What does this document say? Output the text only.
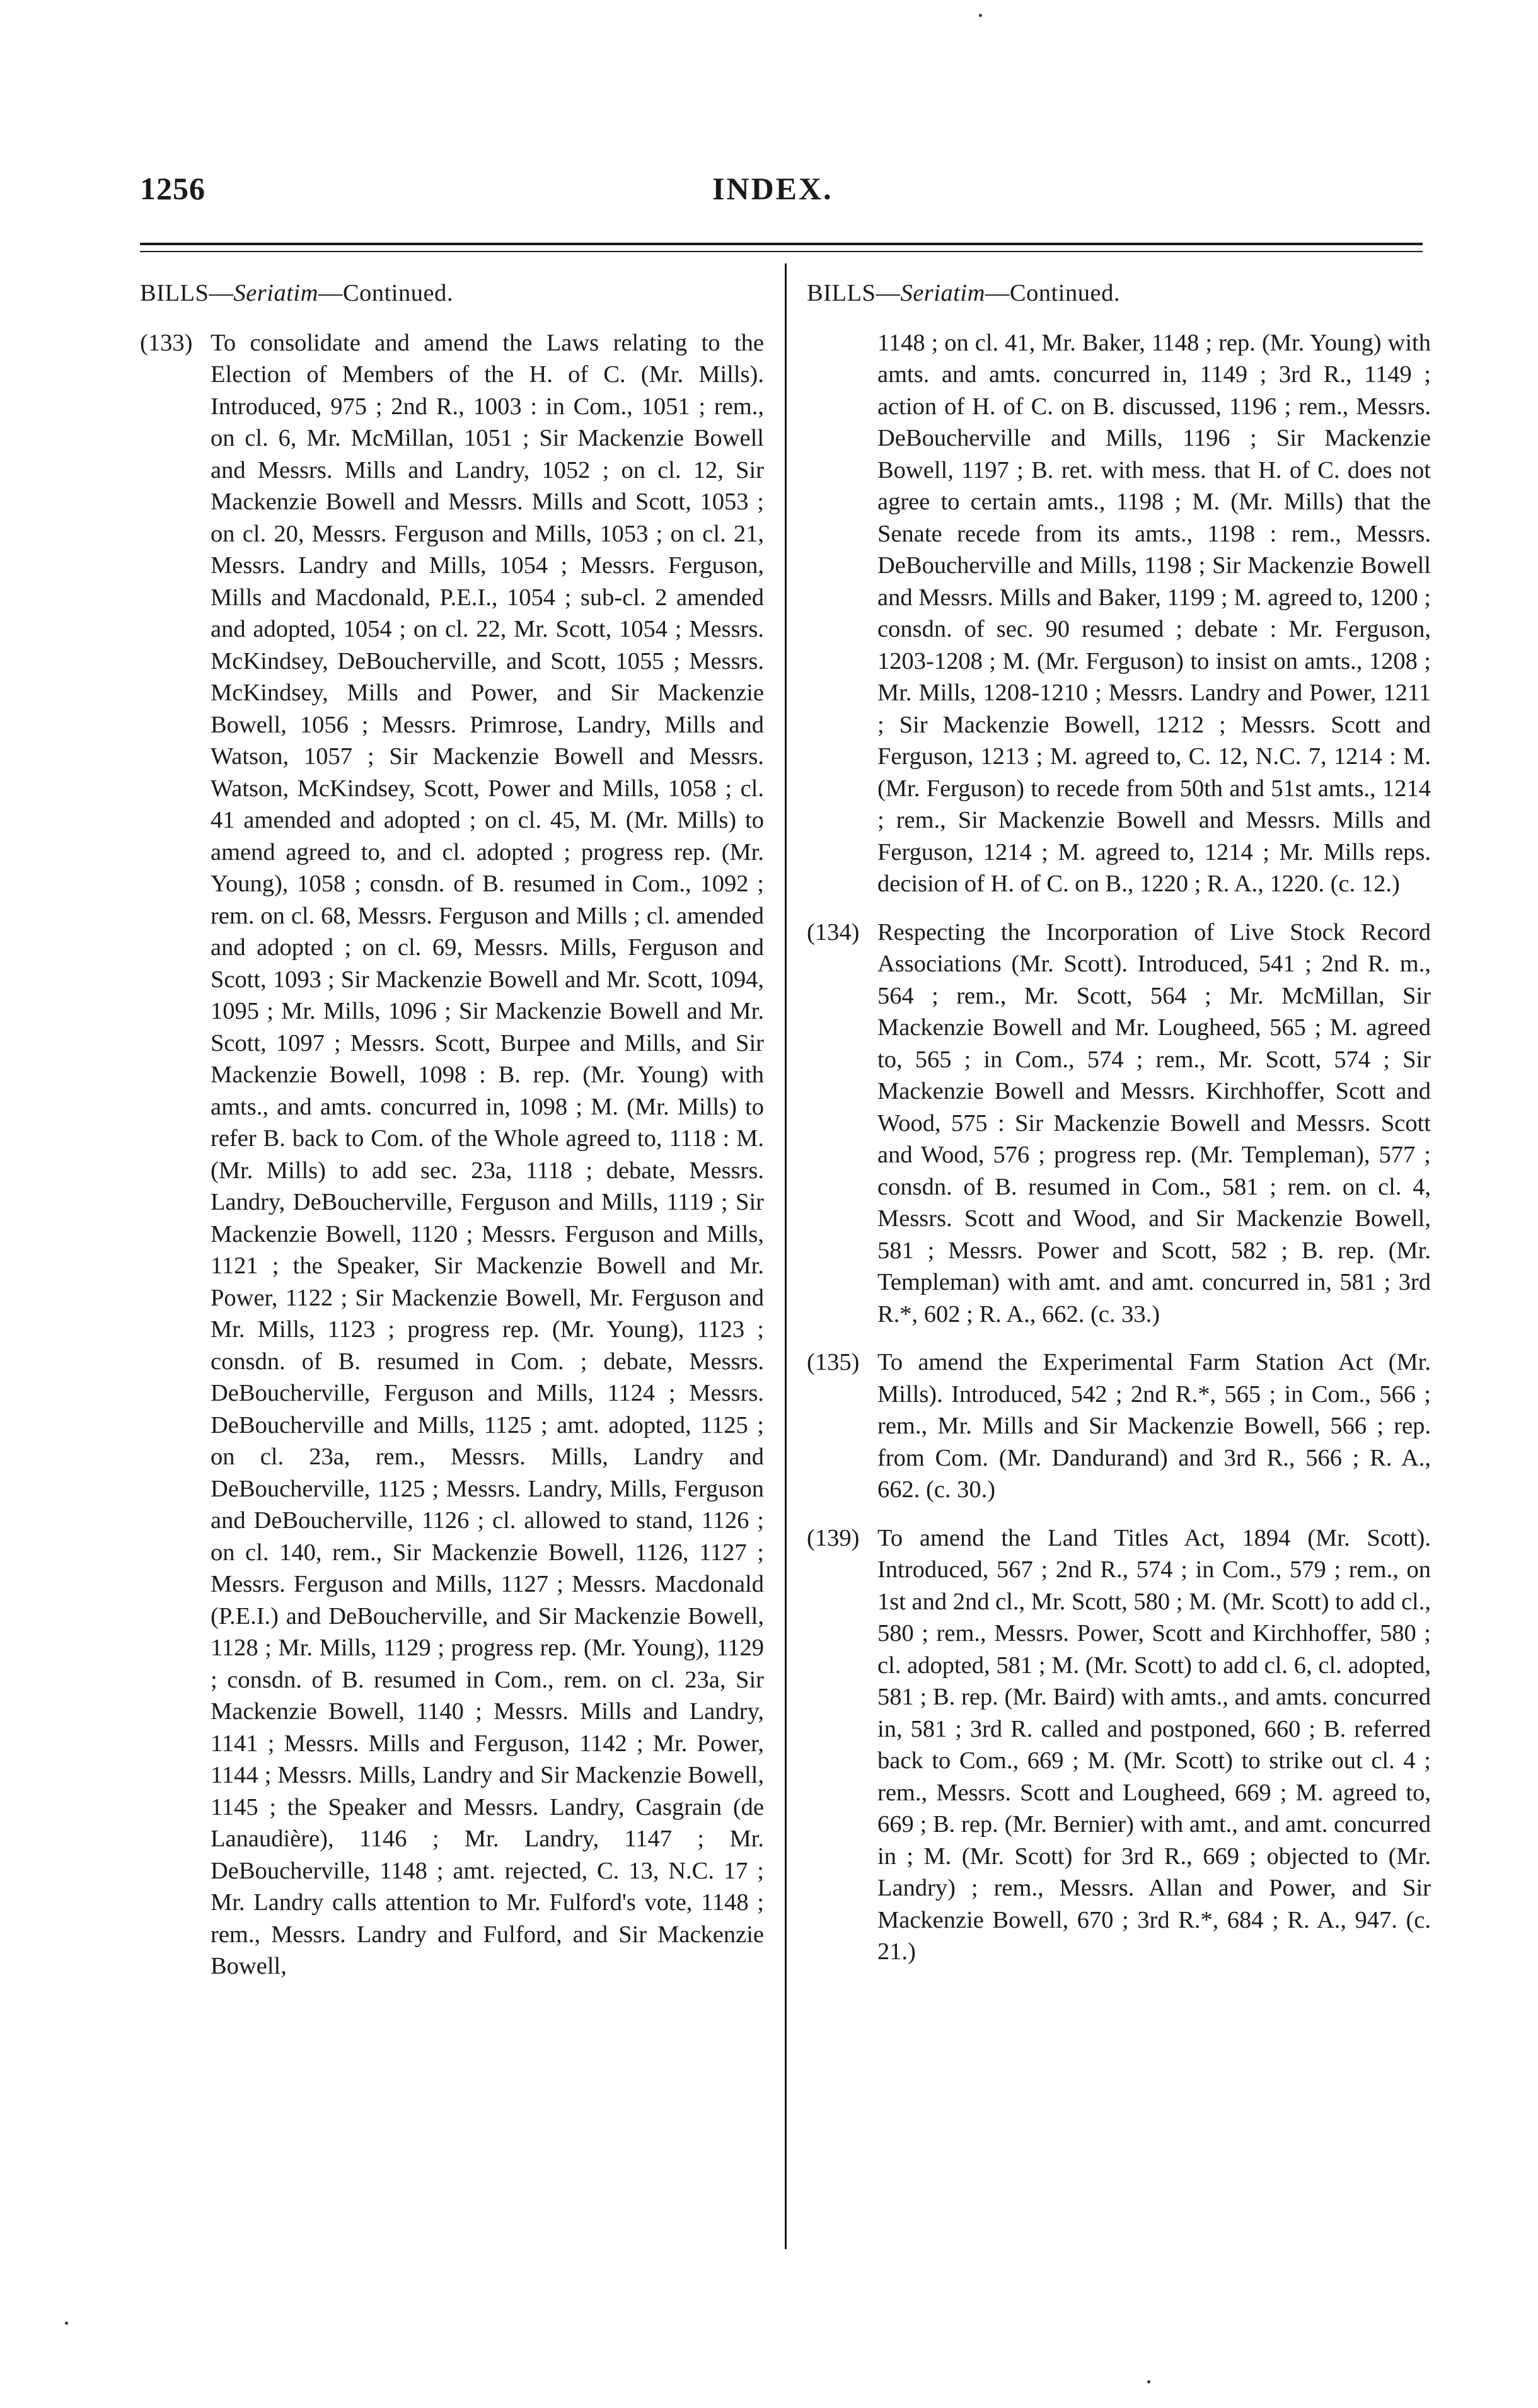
1256	INDEX.
BILLS—Seriatim—Continued.
(133) To consolidate and amend the Laws relating to the Election of Members of the H. of C. (Mr. Mills). Introduced, 975 ; 2nd R., 1003 : in Com., 1051 ; rem., on cl. 6, Mr. McMillan, 1051 ; Sir Mackenzie Bowell and Messrs. Mills and Landry, 1052 ; on cl. 12, Sir Mackenzie Bowell and Messrs. Mills and Scott, 1053 ; on cl. 20, Messrs. Ferguson and Mills, 1053 ; on cl. 21, Messrs. Landry and Mills, 1054 ; Messrs. Ferguson, Mills and Macdonald, P.E.I., 1054 ; sub-cl. 2 amended and adopted, 1054 ; on cl. 22, Mr. Scott, 1054 ; Messrs. McKindsey, DeBoucherville, and Scott, 1055 ; Messrs. McKindsey, Mills and Power, and Sir Mackenzie Bowell, 1056 ; Messrs. Primrose, Landry, Mills and Watson, 1057 ; Sir Mackenzie Bowell and Messrs. Watson, McKindsey, Scott, Power and Mills, 1058 ; cl. 41 amended and adopted ; on cl. 45, M. (Mr. Mills) to amend agreed to, and cl. adopted ; progress rep. (Mr. Young), 1058 ; consdn. of B. resumed in Com., 1092 ; rem. on cl. 68, Messrs. Ferguson and Mills ; cl. amended and adopted ; on cl. 69, Messrs. Mills, Ferguson and Scott, 1093 ; Sir Mackenzie Bowell and Mr. Scott, 1094, 1095 ; Mr. Mills, 1096 ; Sir Mackenzie Bowell and Mr. Scott, 1097 ; Messrs. Scott, Burpee and Mills, and Sir Mackenzie Bowell, 1098 : B. rep. (Mr. Young) with amts., and amts. concurred in, 1098 ; M. (Mr. Mills) to refer B. back to Com. of the Whole agreed to, 1118 : M. (Mr. Mills) to add sec. 23a, 1118 ; debate, Messrs. Landry, DeBoucherville, Ferguson and Mills, 1119 ; Sir Mackenzie Bowell, 1120 ; Messrs. Ferguson and Mills, 1121 ; the Speaker, Sir Mackenzie Bowell and Mr. Power, 1122 ; Sir Mackenzie Bowell, Mr. Ferguson and Mr. Mills, 1123 ; progress rep. (Mr. Young), 1123 ; consdn. of B. resumed in Com. ; debate, Messrs. DeBoucherville, Ferguson and Mills, 1124 ; Messrs. DeBoucherville and Mills, 1125 ; amt. adopted, 1125 ; on cl. 23a, rem., Messrs. Mills, Landry and DeBoucherville, 1125 ; Messrs. Landry, Mills, Ferguson and DeBoucherville, 1126 ; cl. allowed to stand, 1126 ; on cl. 140, rem., Sir Mackenzie Bowell, 1126, 1127 ; Messrs. Ferguson and Mills, 1127 ; Messrs. Macdonald (P.E.I.) and DeBoucherville, and Sir Mackenzie Bowell, 1128 ; Mr. Mills, 1129 ; progress rep. (Mr. Young), 1129 ; consdn. of B. resumed in Com., rem. on cl. 23a, Sir Mackenzie Bowell, 1140 ; Messrs. Mills and Landry, 1141 ; Messrs. Mills and Ferguson, 1142 ; Mr. Power, 1144 ; Messrs. Mills, Landry and Sir Mackenzie Bowell, 1145 ; the Speaker and Messrs. Landry, Casgrain (de Lanaudière), 1146 ; Mr. Landry, 1147 ; Mr. DeBoucherville, 1148 ; amt. rejected, C. 13, N.C. 17 ; Mr. Landry calls attention to Mr. Fulford's vote, 1148 ; rem., Messrs. Landry and Fulford, and Sir Mackenzie Bowell,
BILLS—Seriatim—Continued.
1148 ; on cl. 41, Mr. Baker, 1148 ; rep. (Mr. Young) with amts. and amts. concurred in, 1149 ; 3rd R., 1149 ; action of H. of C. on B. discussed, 1196 ; rem., Messrs. DeBoucherville and Mills, 1196 ; Sir Mackenzie Bowell, 1197 ; B. ret. with mess. that H. of C. does not agree to certain amts., 1198 ; M. (Mr. Mills) that the Senate recede from its amts., 1198 : rem., Messrs. DeBoucherville and Mills, 1198 ; Sir Mackenzie Bowell and Messrs. Mills and Baker, 1199 ; M. agreed to, 1200 ; consdn. of sec. 90 resumed ; debate : Mr. Ferguson, 1203-1208 ; M. (Mr. Ferguson) to insist on amts., 1208 ; Mr. Mills, 1208-1210 ; Messrs. Landry and Power, 1211 ; Sir Mackenzie Bowell, 1212 ; Messrs. Scott and Ferguson, 1213 ; M. agreed to, C. 12, N.C. 7, 1214 : M. (Mr. Ferguson) to recede from 50th and 51st amts., 1214 ; rem., Sir Mackenzie Bowell and Messrs. Mills and Ferguson, 1214 ; M. agreed to, 1214 ; Mr. Mills reps. decision of H. of C. on B., 1220 ; R. A., 1220. (c. 12.)
(134) Respecting the Incorporation of Live Stock Record Associations (Mr. Scott). Introduced, 541 ; 2nd R. m., 564 ; rem., Mr. Scott, 564 ; Mr. McMillan, Sir Mackenzie Bowell and Mr. Lougheed, 565 ; M. agreed to, 565 ; in Com., 574 ; rem., Mr. Scott, 574 ; Sir Mackenzie Bowell and Messrs. Kirchhoffer, Scott and Wood, 575 : Sir Mackenzie Bowell and Messrs. Scott and Wood, 576 ; progress rep. (Mr. Templeman), 577 ; consdn. of B. resumed in Com., 581 ; rem. on cl. 4, Messrs. Scott and Wood, and Sir Mackenzie Bowell, 581 ; Messrs. Power and Scott, 582 ; B. rep. (Mr. Templeman) with amt. and amt. concurred in, 581 ; 3rd R.*, 602 ; R. A., 662. (c. 33.)
(135) To amend the Experimental Farm Station Act (Mr. Mills). Introduced, 542 ; 2nd R.*, 565 ; in Com., 566 ; rem., Mr. Mills and Sir Mackenzie Bowell, 566 ; rep. from Com. (Mr. Dandurand) and 3rd R., 566 ; R. A., 662. (c. 30.)
(139) To amend the Land Titles Act, 1894 (Mr. Scott). Introduced, 567 ; 2nd R., 574 ; in Com., 579 ; rem., on 1st and 2nd cl., Mr. Scott, 580 ; M. (Mr. Scott) to add cl., 580 ; rem., Messrs. Power, Scott and Kirchhoffer, 580 ; cl. adopted, 581 ; M. (Mr. Scott) to add cl. 6, cl. adopted, 581 ; B. rep. (Mr. Baird) with amts., and amts. concurred in, 581 ; 3rd R. called and postponed, 660 ; B. referred back to Com., 669 ; M. (Mr. Scott) to strike out cl. 4 ; rem., Messrs. Scott and Lougheed, 669 ; M. agreed to, 669 ; B. rep. (Mr. Bernier) with amt., and amt. concurred in ; M. (Mr. Scott) for 3rd R., 669 ; objected to (Mr. Landry) ; rem., Messrs. Allan and Power, and Sir Mackenzie Bowell, 670 ; 3rd R.*, 684 ; R. A., 947. (c. 21.)
